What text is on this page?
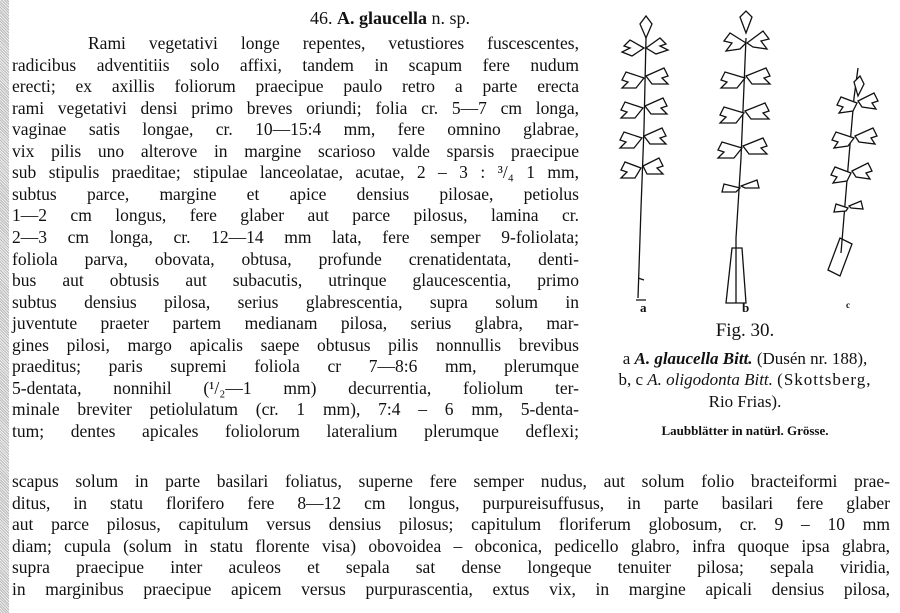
46. A. glaucella n. sp.
Rami vegetativi longe repentes, vetustiores fuscescentes,
radicibus adventitiis solo affixi, tandem in scapum fere nudum
erecti; ex axillis foliorum praecipue paulo retro a parte erecta
rami vegetativi densi primo breves oriundi; folia cr. 5—7 cm longa,
vaginae satis longae, cr. 10—15:4 mm, fere omnino glabrae,
vix pilis uno alterove in margine scarioso valde sparsis praecipue
sub stipulis praeditae; stipulae lanceolatae, acutae, 2 – 3 : ³/₄ 1 mm,
subtus parce, margine et apice densius pilosae, petiolus
1—2 cm longus, fere glaber aut parce pilosus, lamina cr.
2—3 cm longa, cr. 12—14 mm lata, fere semper 9-foliolata;
foliola parva, obovata, obtusa, profunde crenatidentata, denti-
bus aut obtusis aut subacutis, utrinque glaucescentia, primo
subtus densius pilosa, serius glabrescentia, supra solum in
juventute praeter partem medianam pilosa, serius glabra, mar-
gines pilosi, margo apicalis saepe obtusus pilis nonnullis brevibus
praeditus; paris supremi foliola cr 7—8:6 mm, plerumque
5-dentata, nonnihil (¹/₂—1 mm) decurrentia, foliolum ter-
minale breviter petiolulatum (cr. 1 mm), 7:4 – 6 mm, 5-denta-
tum; dentes apicales foliolorum lateralium plerumque deflexi;
scapus solum in parte basilari foliatus, superne fere semper nudus, aut solum folio bracteiformi prae-
ditus, in statu florifero fere 8—12 cm longus, purpureisuffusus, in parte basilari fere glaber
aut parce pilosus, capitulum versus densius pilosus; capitulum floriferum globosum, cr. 9 – 10 mm
diam; cupula (solum in statu florente visa) obovoidea – obconica, pedicello glabro, infra quoque ipsa glabra,
supra praecipue inter aculeos et sepala sat dense longeque tenuiter pilosa; sepala viridia,
in marginibus praecipue apicem versus purpurascentia, extus vix, in margine apicali densius pilosa,
a	b	c
Fig. 30.
a A. glaucella Bitt. (Dusén nr. 188),
b, c A. oligodonta Bitt. (Skottsberg,
Rio Frias).
Laubblätter in natürl. Grösse.
